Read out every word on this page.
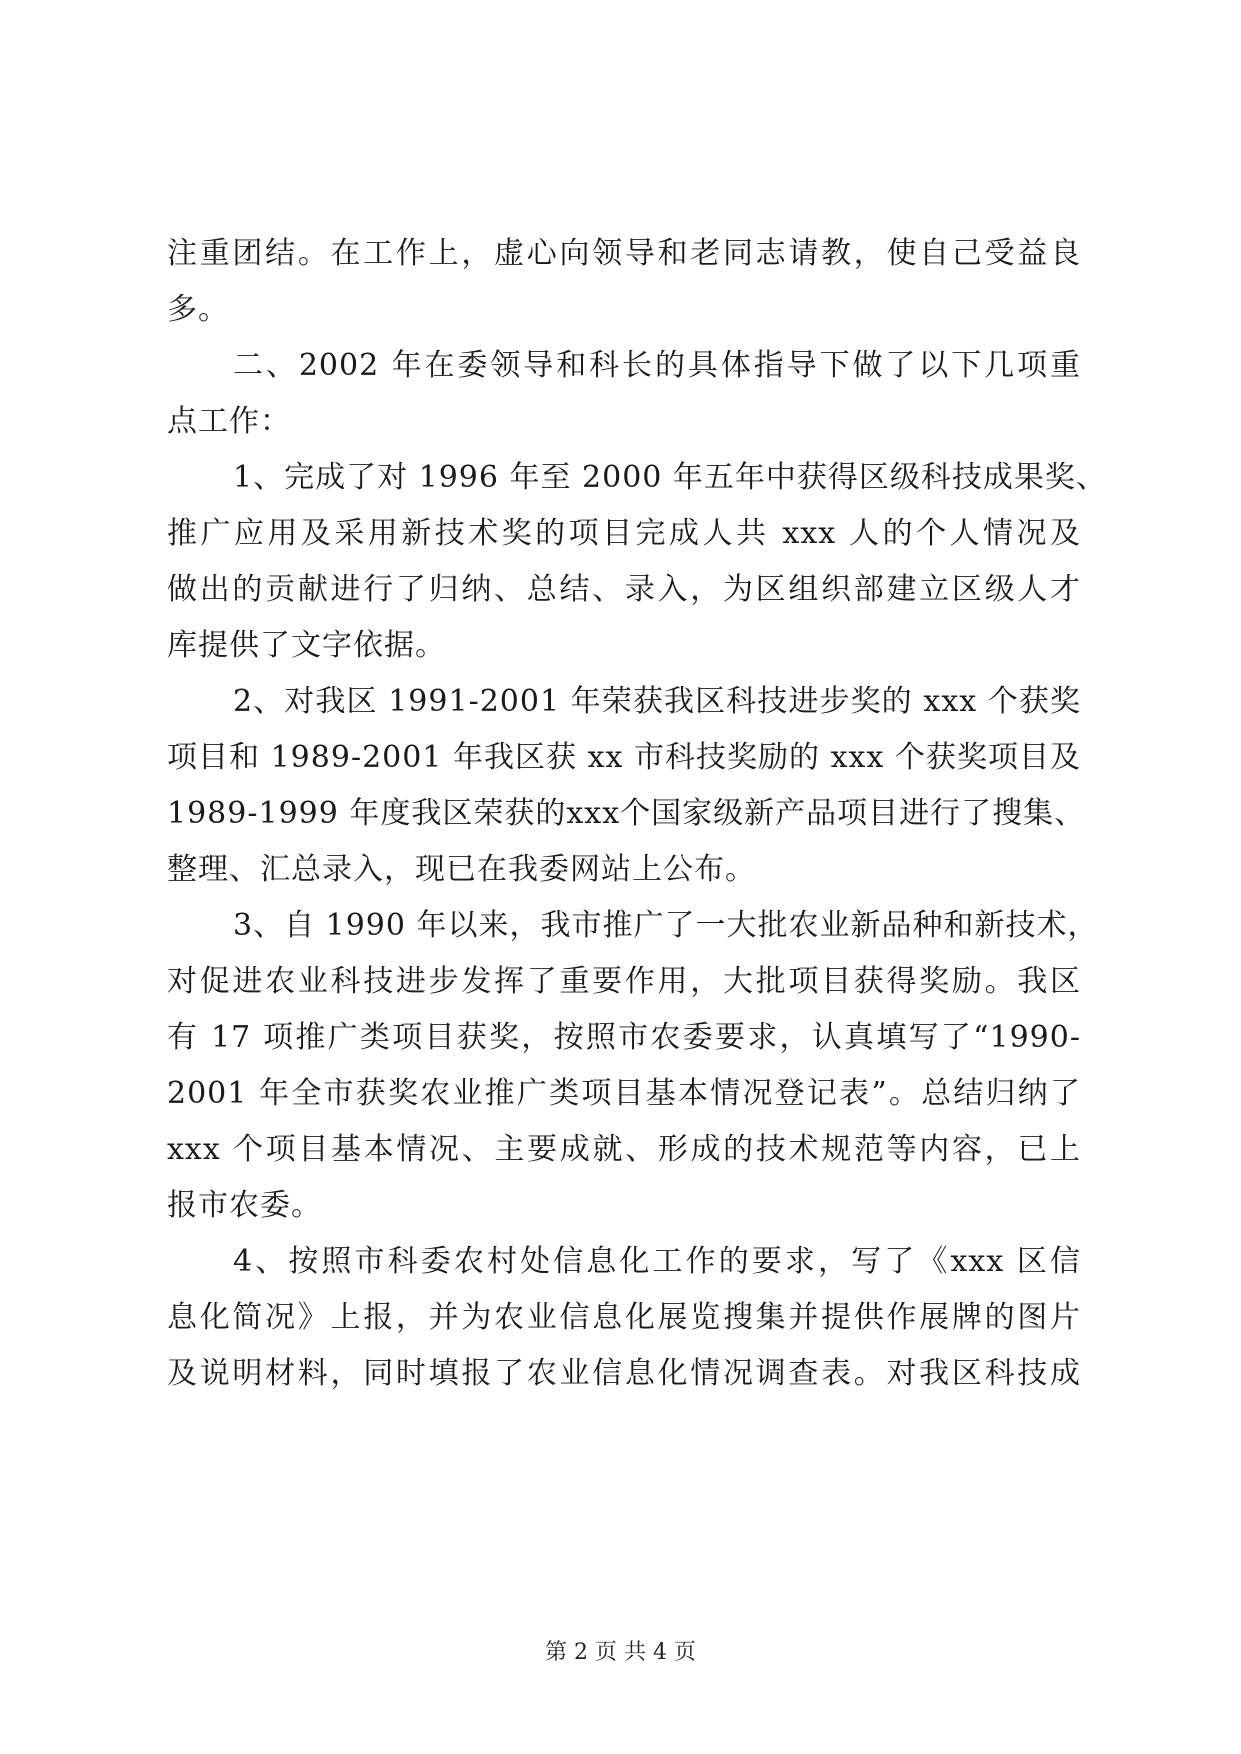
注重团结。在工作上，虚心向领导和老同志请教，使自己受益良
多。
二、2002 年在委领导和科长的具体指导下做了以下几项重
点工作：
1、完成了对 1996 年至 2000 年五年中获得区级科技成果奖、
推广应用及采用新技术奖的项目完成人共 xxx 人的个人情况及
做出的贡献进行了归纳、总结、录入，为区组织部建立区级人才
库提供了文字依据。
2、对我区 1991-2001 年荣获我区科技进步奖的 xxx 个获奖
项目和 1989-2001 年我区获 xx 市科技奖励的 xxx 个获奖项目及
1989-1999 年度我区荣获的xxx个国家级新产品项目进行了搜集、
整理、汇总录入，现已在我委网站上公布。
3、自 1990 年以来，我市推广了一大批农业新品种和新技术，
对促进农业科技进步发挥了重要作用，大批项目获得奖励。我区
有 17 项推广类项目获奖，按照市农委要求，认真填写了“1990-
2001 年全市获奖农业推广类项目基本情况登记表”。总结归纳了
xxx 个项目基本情况、主要成就、形成的技术规范等内容，已上
报市农委。
4、按照市科委农村处信息化工作的要求，写了《xxx 区信
息化简况》上报，并为农业信息化展览搜集并提供作展牌的图片
及说明材料，同时填报了农业信息化情况调查表。对我区科技成
第 2 页 共 4 页
